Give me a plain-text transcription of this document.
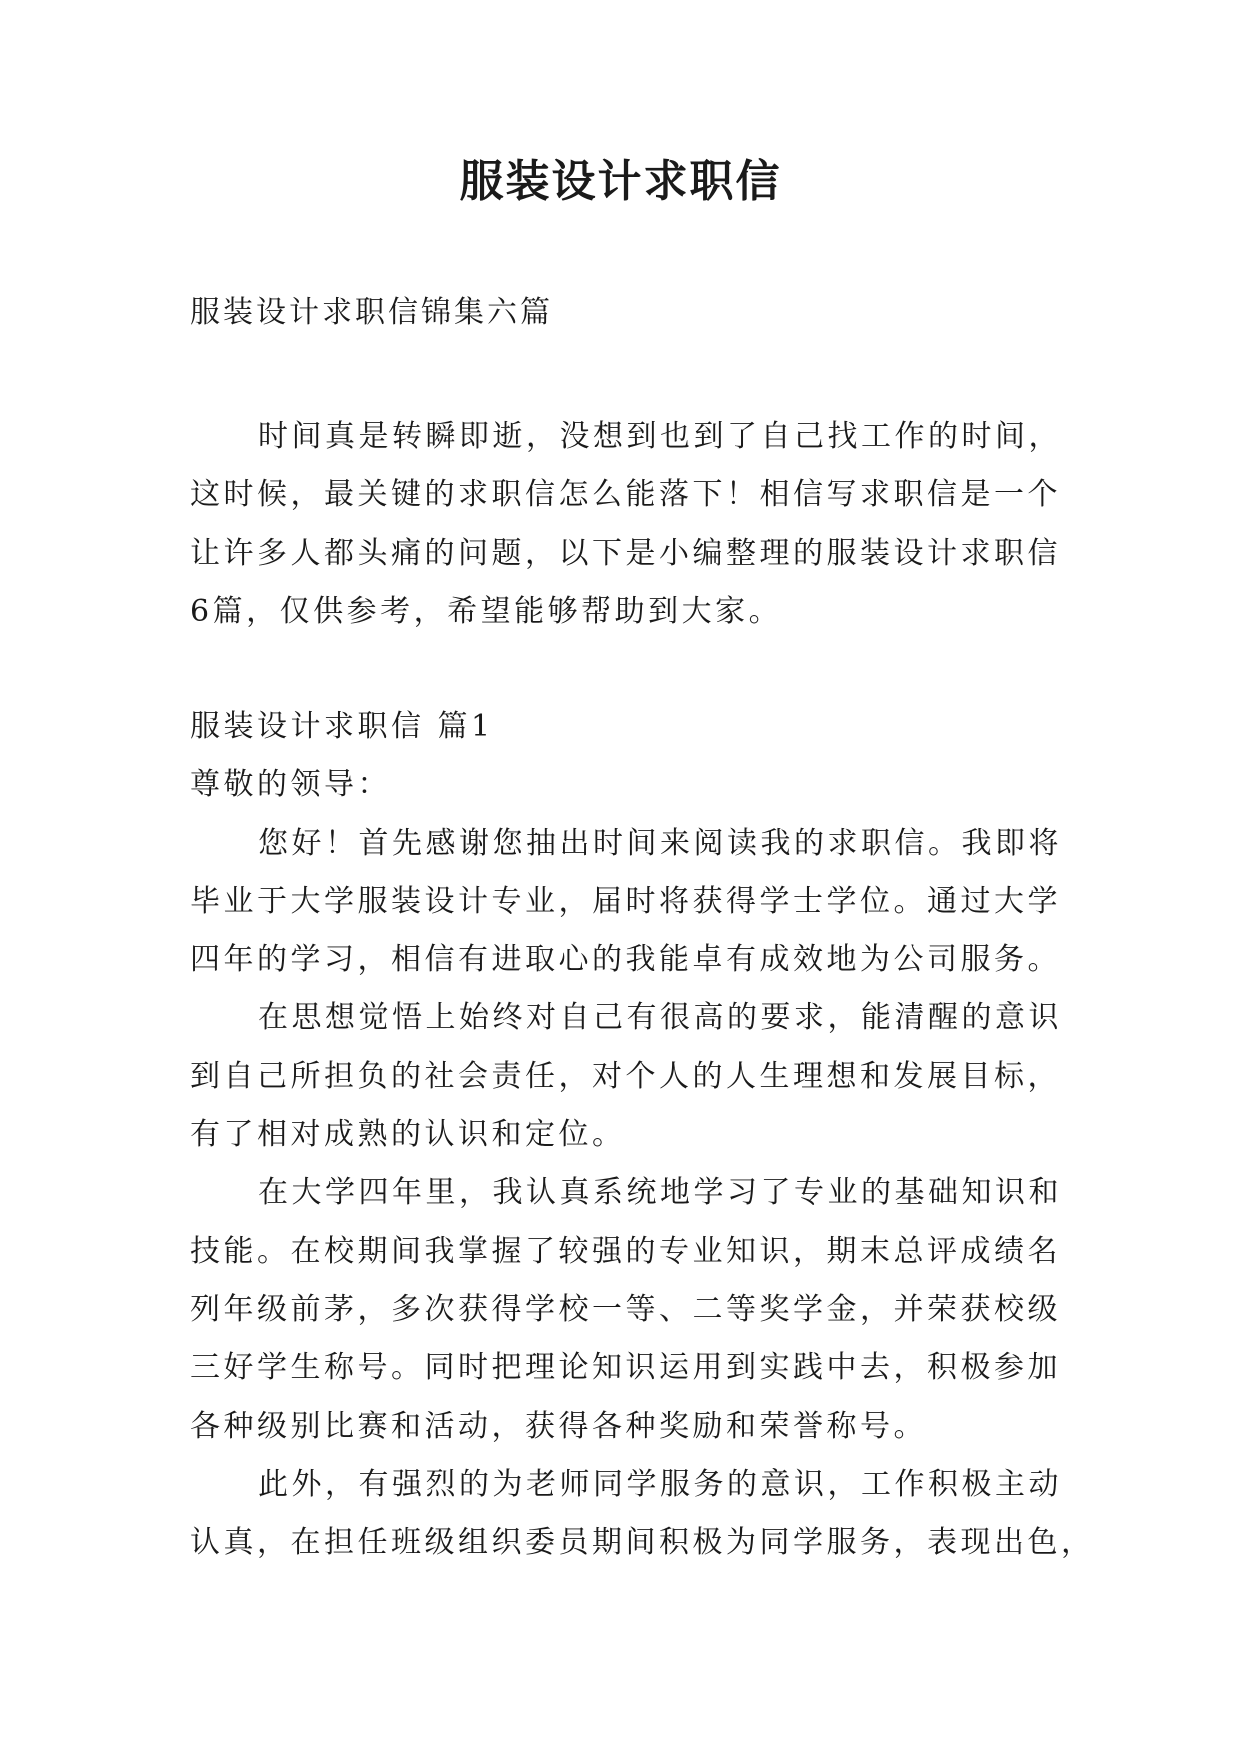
服装设计求职信
服装设计求职信锦集六篇
时间真是转瞬即逝，没想到也到了自己找工作的时间，
这时候，最关键的求职信怎么能落下！相信写求职信是一个
让许多人都头痛的问题，以下是小编整理的服装设计求职信
6篇，仅供参考，希望能够帮助到大家。
服装设计求职信 篇1
尊敬的领导：
您好！首先感谢您抽出时间来阅读我的求职信。我即将
毕业于大学服装设计专业，届时将获得学士学位。通过大学
四年的学习，相信有进取心的我能卓有成效地为公司服务。
在思想觉悟上始终对自己有很高的要求，能清醒的意识
到自己所担负的社会责任，对个人的人生理想和发展目标，
有了相对成熟的认识和定位。
在大学四年里，我认真系统地学习了专业的基础知识和
技能。在校期间我掌握了较强的专业知识，期末总评成绩名
列年级前茅，多次获得学校一等、二等奖学金，并荣获校级
三好学生称号。同时把理论知识运用到实践中去，积极参加
各种级别比赛和活动，获得各种奖励和荣誉称号。
此外，有强烈的为老师同学服务的意识，工作积极主动
认真，在担任班级组织委员期间积极为同学服务，表现出色，
